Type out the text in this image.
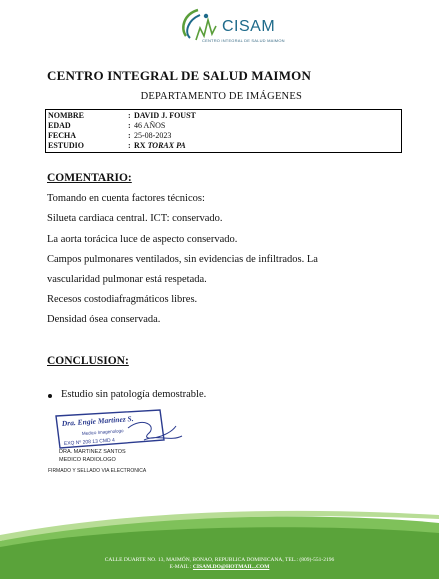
CISAM
CENTRO INTEGRAL DE SALUD MAIMON
CENTRO INTEGRAL DE SALUD MAIMON
DEPARTAMENTO DE IMÁGENES
NOMBRE	: DAVID J. FOUST
EDAD	: 46 AÑOS
FECHA	: 25-08-2023
ESTUDIO	: RX TORAX PA
COMENTARIO:
Tomando en cuenta factores técnicos:
Silueta cardiaca central. ICT: conservado.
La aorta torácica luce de aspecto conservado.
Campos pulmonares ventilados, sin evidencias de infiltrados. La
vascularidad pulmonar está respetada.
Recesos costodiafragmáticos libres.
Densidad ósea conservada.
CONCLUSION:
Estudio sin patología demostrable.
Dra. Engie Martinez S.
Medico Imagenologo
EXQ Nº 208 13 CMD 4
DRA. MARTINEZ SANTOS
MEDICO RADIOLOGO
FIRMADO Y SELLADO VIA ELECTRONICA
CALLE DUARTE NO. 13, MAIMÓN, BONAO, REPUBLICA DOMINICANA, TEL.: (809)-551-2196
E-MAIL : CISAM.DO@HOTMAIL..COM
